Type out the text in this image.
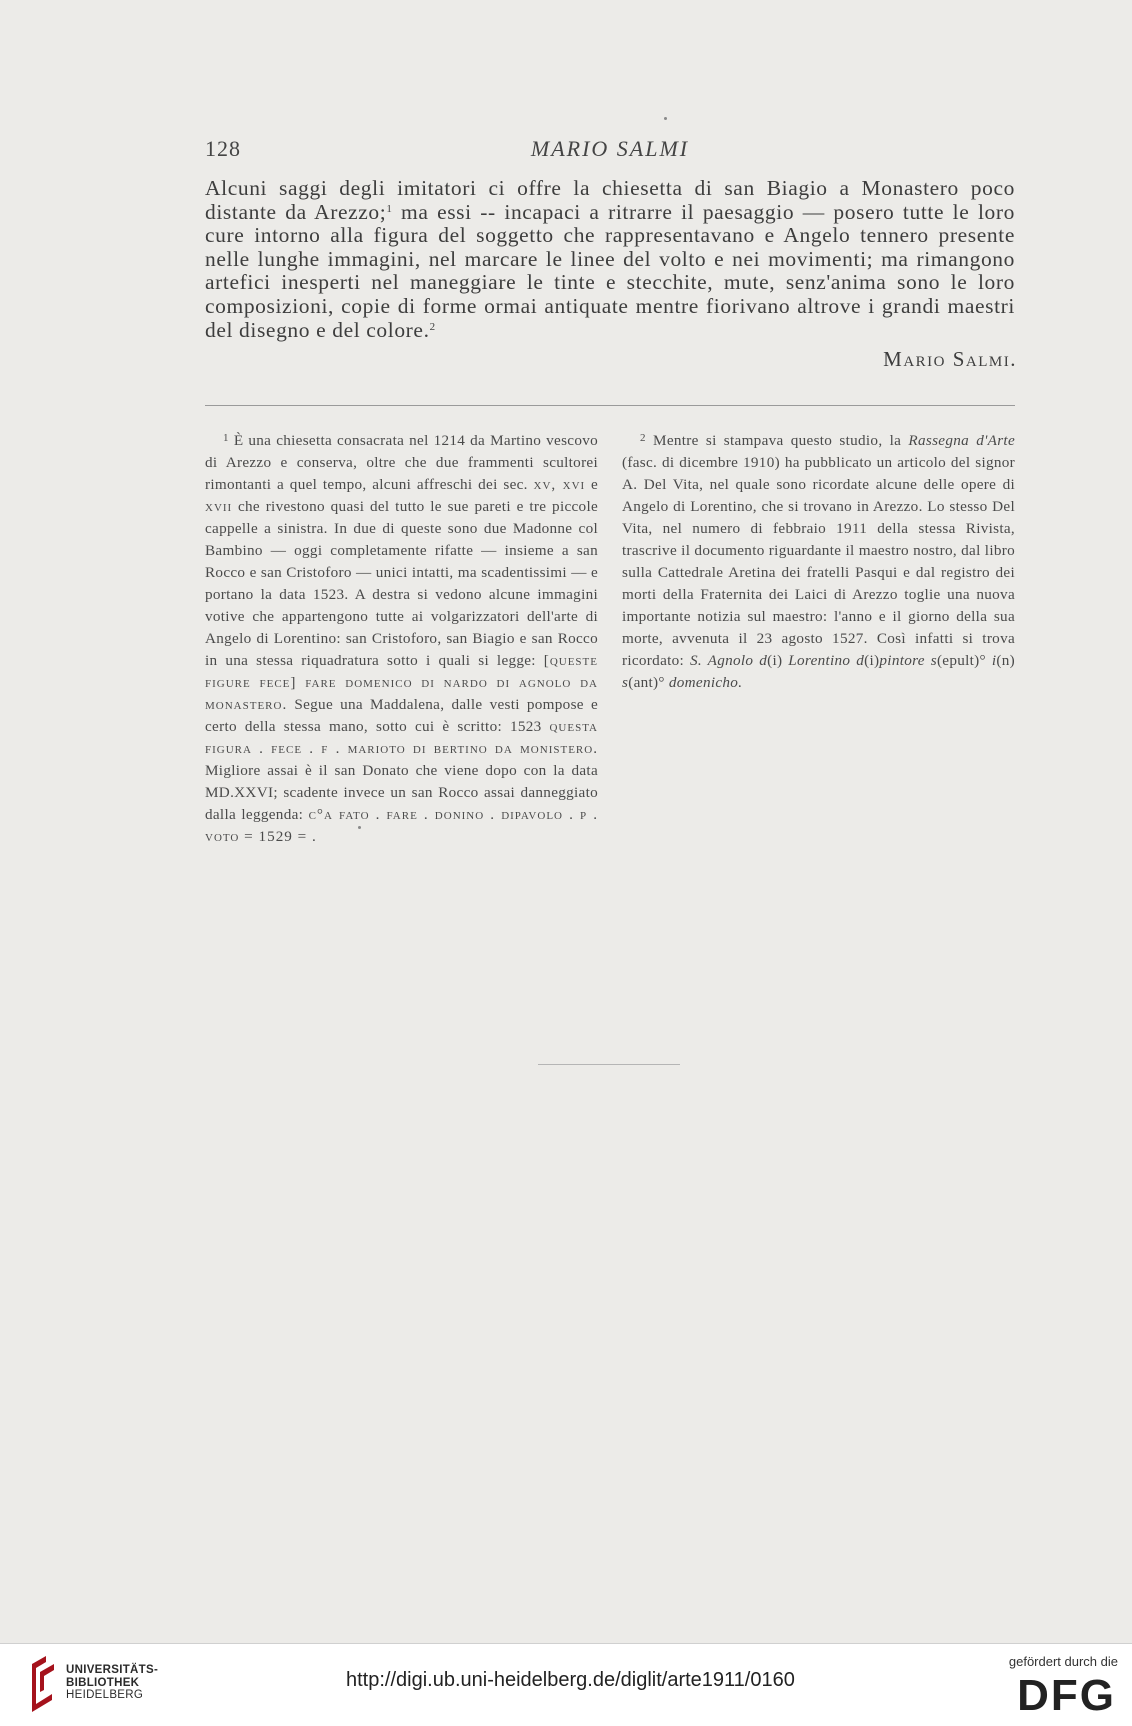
128	MARIO SALMI

Alcuni saggi degli imitatori ci offre la chiesetta di san Biagio a Monastero poco distante da Arezzo;$^1$ ma essi -- incapaci a ritrarre il paesaggio — posero tutte le loro cure intorno alla figura del soggetto che rappresentavano e Angelo tennero presente nelle lunghe immagini, nel marcare le linee del volto e nei movimenti; ma rimangono artefici inesperti nel maneggiare le tinte e stecchite, mute, senz'anima sono le loro composizioni, copie di forme ormai antiquate mentre fiorivano altrove i grandi maestri del disegno e del colore.$^2$

Mario Salmi.

$^1$ È una chiesetta consacrata nel 1214 da Martino vescovo di Arezzo e conserva, oltre che due frammenti scultorei rimontanti a quel tempo, alcuni affreschi dei sec. xv, xvi e xvii che rivestono quasi del tutto le sue pareti e tre piccole cappelle a sinistra. In due di queste sono due Madonne col Bambino — oggi completamente rifatte — insieme a san Rocco e san Cristoforo — unici intatti, ma scadentissimi — e portano la data 1523. A destra si vedono alcune immagini votive che appartengono tutte ai volgarizzatori dell'arte di Angelo di Lorentino: san Cristoforo, san Biagio e san Rocco in una stessa riquadratura sotto i quali si legge: [queste figure fece] fare domenico di nardo di agnolo da monastero. Segue una Maddalena, dalle vesti pompose e certo della stessa mano, sotto cui è scritto: 1523 questa figura . fece . f . marioto di bertino da monistero. Migliore assai è il san Donato che viene dopo con la data MD.XXVI; scadente invece un san Rocco assai danneggiato dalla leggenda: c°a fato . fare . donino . dipavolo . p . voto = 1529 = .

$^2$ Mentre si stampava questo studio, la Rassegna d'Arte (fasc. di dicembre 1910) ha pubblicato un articolo del signor A. Del Vita, nel quale sono ricordate alcune delle opere di Angelo di Lorentino, che si trovano in Arezzo. Lo stesso Del Vita, nel numero di febbraio 1911 della stessa Rivista, trascrive il documento riguardante il maestro nostro, dal libro sulla Cattedrale Aretina dei fratelli Pasqui e dal registro dei morti della Fraternita dei Laici di Arezzo toglie una nuova importante notizia sul maestro: l'anno e il giorno della sua morte, avvenuta il 23 agosto 1527. Così infatti si trova ricordato: S. Agnolo d(i) Lorentino d(i)pintore s(epult)° i(n) s(ant)° domenicho.

UNIVERSITÄTS-
BIBLIOTHEK
HEIDELBERG
http://digi.ub.uni-heidelberg.de/diglit/arte1911/0160
gefördert durch die
DFG
